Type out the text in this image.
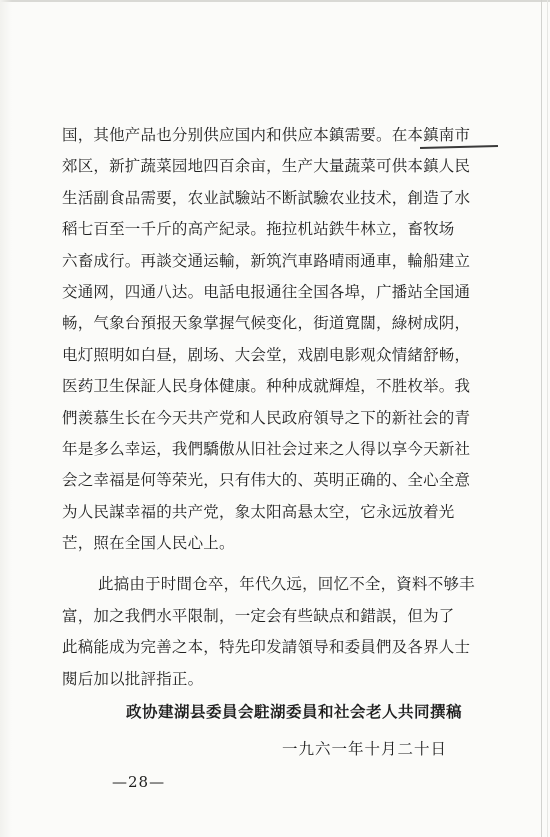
国，其他产品也分别供应国内和供应本鎮需要。在本鎮南市
郊区，新扩蔬菜园地四百余亩，生产大量蔬菜可供本鎮人民
生活副食品需要，农业試驗站不断試驗农业技术，創造了水
稻七百至一千斤的高产紀录。拖拉机站鉄牛林立，畜牧场
六畜成行。再談交通运輸，新筑汽車路晴雨通車，輪船建立
交通网，四通八达。电話电报通往全国各埠，广播站全国通
畅，气象台預报天象掌握气候变化，街道寬闊，綠树成阴，
电灯照明如白昼，剧场、大会堂，戏剧电影观众情緒舒畅，
医药卫生保証人民身体健康。种种成就輝煌，不胜枚举。我
們羨慕生长在今天共产党和人民政府領导之下的新社会的青
年是多么幸运，我們驕傲从旧社会过来之人得以享今天新社
会之幸福是何等荣光，只有伟大的、英明正确的、全心全意
为人民謀幸福的共产党，象太阳高悬太空，它永远放着光
芒，照在全国人民心上。
此搞由于时間仓卒，年代久远，回忆不全，資料不够丰
富，加之我們水平限制，一定会有些缺点和錯誤，但为了
此稿能成为完善之本，特先印发請領导和委員們及各界人士
閱后加以批評指正。
政协建湖县委員会駐湖委員和社会老人共同撰稿
一九六一年十月二十日
—28—
